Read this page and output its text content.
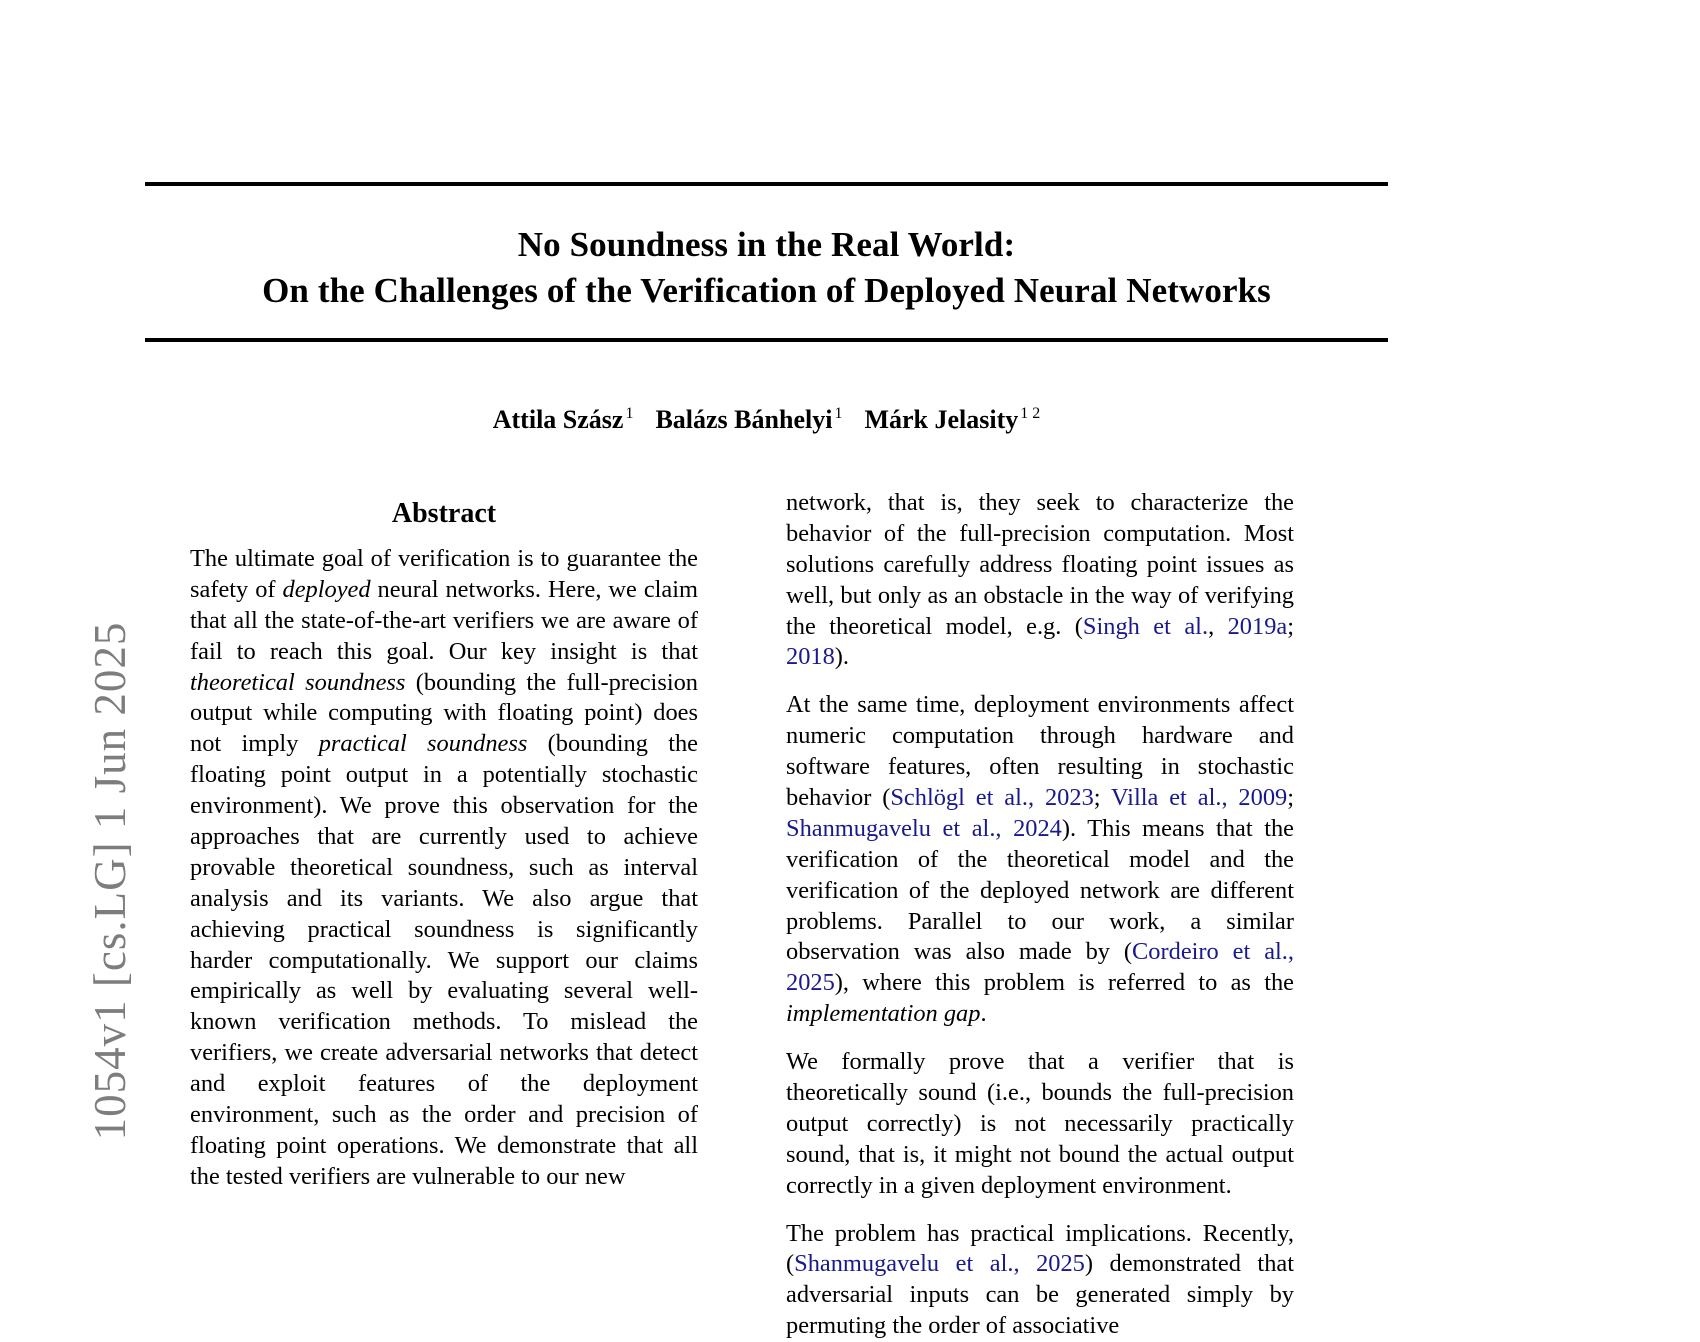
1054v1 [cs.LG] 1 Jun 2025
No Soundness in the Real World:
On the Challenges of the Verification of Deployed Neural Networks
Attila Szász $^1$ Balázs Bánhelyi $^1$ Márk Jelasity $^{1 2}$
Abstract

The ultimate goal of verification is to guarantee the safety of deployed neural networks. Here, we claim that all the state-of-the-art verifiers we are aware of fail to reach this goal. Our key insight is that theoretical soundness (bounding the full-precision output while computing with floating point) does not imply practical soundness (bounding the floating point output in a potentially stochastic environment). We prove this observation for the approaches that are currently used to achieve provable theoretical soundness, such as interval analysis and its variants. We also argue that achieving practical soundness is significantly harder computationally. We support our claims empirically as well by evaluating several well-known verification methods. To mislead the verifiers, we create adversarial networks that detect and exploit features of the deployment environment, such as the order and precision of floating point operations. We demonstrate that all the tested verifiers are vulnerable to our new

network, that is, they seek to characterize the behavior of the full-precision computation. Most solutions carefully address floating point issues as well, but only as an obstacle in the way of verifying the theoretical model, e.g. (Singh et al., 2019a; 2018).

At the same time, deployment environments affect numeric computation through hardware and software features, often resulting in stochastic behavior (Schlögl et al., 2023; Villa et al., 2009; Shanmugavelu et al., 2024). This means that the verification of the theoretical model and the verification of the deployed network are different problems. Parallel to our work, a similar observation was also made by (Cordeiro et al., 2025), where this problem is referred to as the implementation gap.

We formally prove that a verifier that is theoretically sound (i.e., bounds the full-precision output correctly) is not necessarily practically sound, that is, it might not bound the actual output correctly in a given deployment environment.

The problem has practical implications. Recently, (Shanmugavelu et al., 2025) demonstrated that adversarial inputs can be generated simply by permuting the order of associative
